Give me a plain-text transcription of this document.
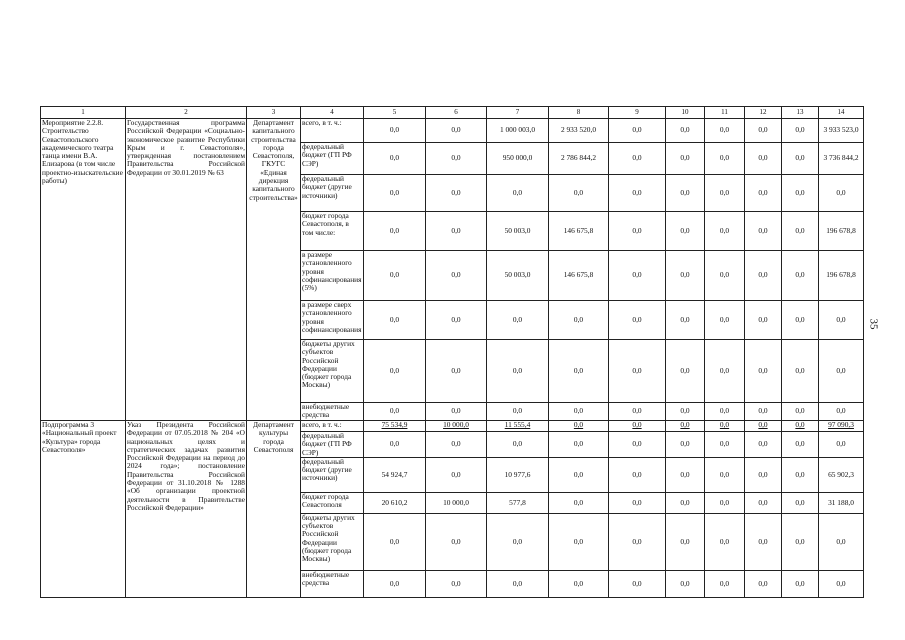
1	2	3	4	5	6	7	8	9	10	11	12	13	14
Мероприятие 2.2.8. Строительство Севастопольского академического театра танца имени В.А. Елизарова (в том числе проектно-изыскательские работы)	Государственная программа Российской Федерации «Социально-экономическое развитие Республики Крым и г. Севастополя», утвержденная постановлением Правительства Российской Федерации от 30.01.2019 № 63	Департамент капитального строительства города Севастополя, ГКУГС «Единая дирекция капитального строительства»	всего, в т. ч.:	0,0	0,0	1 000 003,0	2 933 520,0	0,0	0,0	0,0	0,0	0,0	3 933 523,0
			федеральный бюджет (ГП РФ СЭР)	0,0	0,0	950 000,0	2 786 844,2	0,0	0,0	0,0	0,0	0,0	3 736 844,2
			федеральный бюджет (другие источники)	0,0	0,0	0,0	0,0	0,0	0,0	0,0	0,0	0,0	0,0
			бюджет города Севастополя, в том числе:	0,0	0,0	50 003,0	146 675,8	0,0	0,0	0,0	0,0	0,0	196 678,8
			в размере установленного уровня софинансирования (5%)	0,0	0,0	50 003,0	146 675,8	0,0	0,0	0,0	0,0	0,0	196 678,8
			в размере сверх установленного уровня софинансирования	0,0	0,0	0,0	0,0	0,0	0,0	0,0	0,0	0,0	0,0
			бюджеты других субъектов Российской Федерации (бюджет города Москвы)	0,0	0,0	0,0	0,0	0,0	0,0	0,0	0,0	0,0	0,0
			внебюджетные средства	0,0	0,0	0,0	0,0	0,0	0,0	0,0	0,0	0,0	0,0
Подпрограмма 3 «Национальный проект «Культура» города Севастополя»	Указ Президента Российской Федерации от 07.05.2018 № 204 «О национальных целях и стратегических задачах развития Российской Федерации на период до 2024 года»; постановление Правительства Российской Федерации от 31.10.2018 № 1288 «Об организации проектной деятельности в Правительстве Российской Федерации»	Департамент культуры города Севастополя	всего, в т. ч.:	75 534,9	10 000,0	11 555,4	0,0	0,0	0,0	0,0	0,0	0,0	97 090,3
			федеральный бюджет (ГП РФ СЭР)	0,0	0,0	0,0	0,0	0,0	0,0	0,0	0,0	0,0	0,0
			федеральный бюджет (другие источники)	54 924,7	0,0	10 977,6	0,0	0,0	0,0	0,0	0,0	0,0	65 902,3
			бюджет города Севастополя	20 610,2	10 000,0	577,8	0,0	0,0	0,0	0,0	0,0	0,0	31 188,0
			бюджеты других субъектов Российской Федерации (бюджет города Москвы)	0,0	0,0	0,0	0,0	0,0	0,0	0,0	0,0	0,0	0,0
			внебюджетные средства	0,0	0,0	0,0	0,0	0,0	0,0	0,0	0,0	0,0	0,0
35
